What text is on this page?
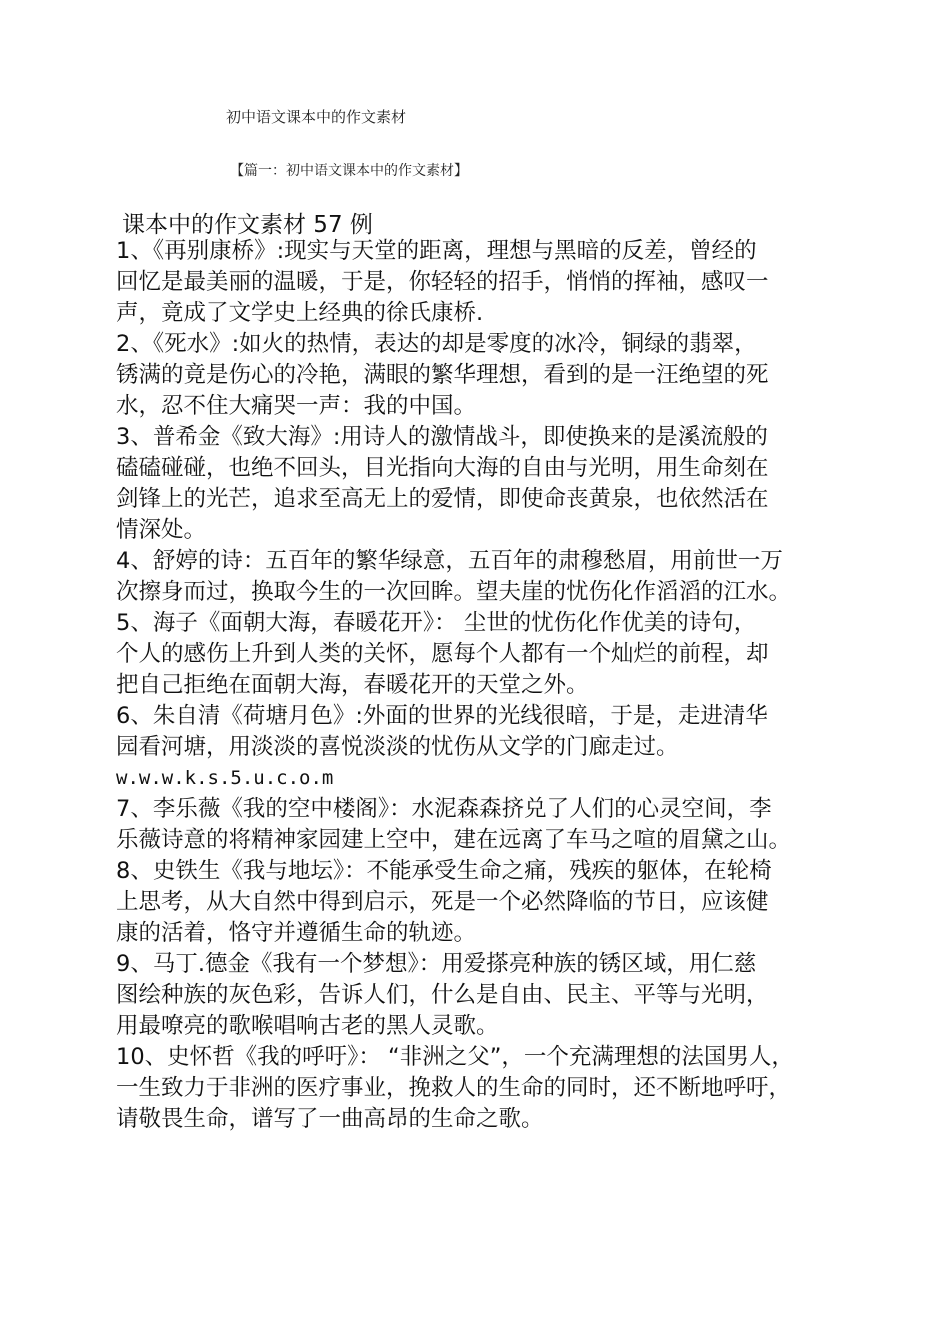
初中语文课本中的作文素材
【篇一：初中语文课本中的作文素材】
课本中的作文素材 57 例
1、《再别康桥》:现实与天堂的距离，理想与黑暗的反差，曾经的
回忆是最美丽的温暖，于是，你轻轻的招手，悄悄的挥袖，感叹一
声，竟成了文学史上经典的徐氏康桥.
2、《死水》:如火的热情，表达的却是零度的冰冷，铜绿的翡翠，
锈满的竟是伤心的冷艳，满眼的繁华理想，看到的是一汪绝望的死
水，忍不住大痛哭一声：我的中国。
3、普希金《致大海》:用诗人的激情战斗，即使换来的是溪流般的
磕磕碰碰，也绝不回头，目光指向大海的自由与光明，用生命刻在
剑锋上的光芒，追求至高无上的爱情，即使命丧黄泉，也依然活在
情深处。
4、舒婷的诗：五百年的繁华绿意，五百年的肃穆愁眉，用前世一万
次擦身而过，换取今生的一次回眸。望夫崖的忧伤化作滔滔的江水。
5、海子《面朝大海，春暖花开》： 尘世的忧伤化作优美的诗句，
个人的感伤上升到人类的关怀，愿每个人都有一个灿烂的前程，却
把自己拒绝在面朝大海，春暖花开的天堂之外。
6、朱自清《荷塘月色》:外面的世界的光线很暗，于是，走进清华
园看河塘，用淡淡的喜悦淡淡的忧伤从文学的门廊走过。
w.w.w.k.s.5.u.c.o.m
7、李乐薇《我的空中楼阁》：水泥森森挤兑了人们的心灵空间，李
乐薇诗意的将精神家园建上空中，建在远离了车马之喧的眉黛之山。
8、史铁生《我与地坛》：不能承受生命之痛，残疾的躯体，在轮椅
上思考，从大自然中得到启示，死是一个必然降临的节日，应该健
康的活着，恪守并遵循生命的轨迹。
9、马丁.德金《我有一个梦想》：用爱搽亮种族的锈区域，用仁慈
图绘种族的灰色彩，告诉人们，什么是自由、民主、平等与光明，
用最嘹亮的歌喉唱响古老的黑人灵歌。
10、史怀哲《我的呼吁》： “非洲之父”，一个充满理想的法国男人，
一生致力于非洲的医疗事业，挽救人的生命的同时，还不断地呼吁，
请敬畏生命，谱写了一曲高昂的生命之歌。
